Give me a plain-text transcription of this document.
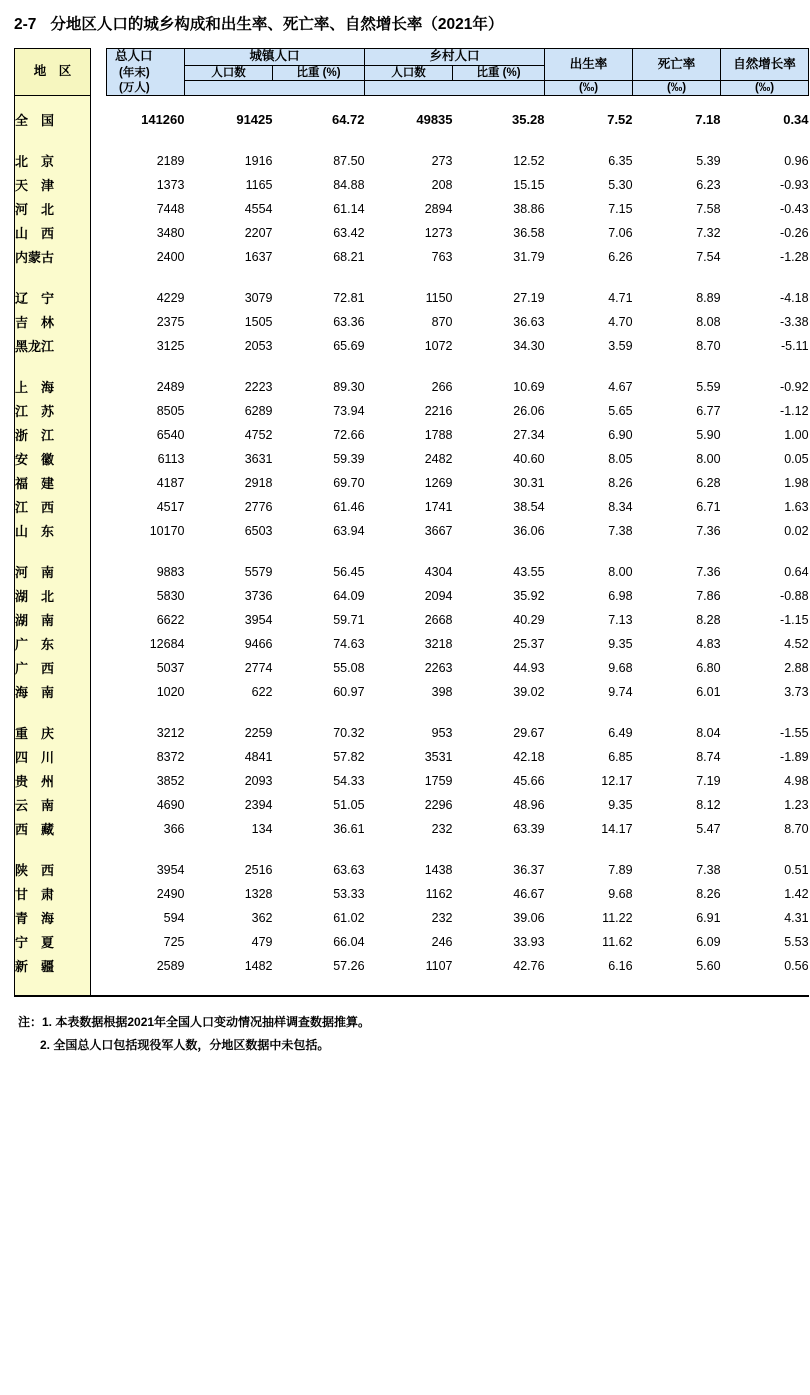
2-7 分地区人口的城乡构成和出生率、死亡率、自然增长率（2021年）
地　区		总人口	城镇人口		乡村人口		出生率	死亡率	自然增长率
		(年末)	人口数	比重 (%)	人口数	比重 (%)			
		(万人)					(‰)	(‰)	(‰)

全　国		141260	91425	64.72	49835	35.28	7.52	7.18	0.34

北　京		2189	1916	87.50	273	12.52	6.35	5.39	0.96
天　津		1373	1165	84.88	208	15.15	5.30	6.23	-0.93
河　北		7448	4554	61.14	2894	38.86	7.15	7.58	-0.43
山　西		3480	2207	63.42	1273	36.58	7.06	7.32	-0.26
内蒙古		2400	1637	68.21	763	31.79	6.26	7.54	-1.28

辽　宁		4229	3079	72.81	1150	27.19	4.71	8.89	-4.18
吉　林		2375	1505	63.36	870	36.63	4.70	8.08	-3.38
黑龙江		3125	2053	65.69	1072	34.30	3.59	8.70	-5.11

上　海		2489	2223	89.30	266	10.69	4.67	5.59	-0.92
江　苏		8505	6289	73.94	2216	26.06	5.65	6.77	-1.12
浙　江		6540	4752	72.66	1788	27.34	6.90	5.90	1.00
安　徽		6113	3631	59.39	2482	40.60	8.05	8.00	0.05
福　建		4187	2918	69.70	1269	30.31	8.26	6.28	1.98
江　西		4517	2776	61.46	1741	38.54	8.34	6.71	1.63
山　东		10170	6503	63.94	3667	36.06	7.38	7.36	0.02

河　南		9883	5579	56.45	4304	43.55	8.00	7.36	0.64
湖　北		5830	3736	64.09	2094	35.92	6.98	7.86	-0.88
湖　南		6622	3954	59.71	2668	40.29	7.13	8.28	-1.15
广　东		12684	9466	74.63	3218	25.37	9.35	4.83	4.52
广　西		5037	2774	55.08	2263	44.93	9.68	6.80	2.88
海　南		1020	622	60.97	398	39.02	9.74	6.01	3.73

重　庆		3212	2259	70.32	953	29.67	6.49	8.04	-1.55
四　川		8372	4841	57.82	3531	42.18	6.85	8.74	-1.89
贵　州		3852	2093	54.33	1759	45.66	12.17	7.19	4.98
云　南		4690	2394	51.05	2296	48.96	9.35	8.12	1.23
西　藏		366	134	36.61	232	63.39	14.17	5.47	8.70

陕　西		3954	2516	63.63	1438	36.37	7.89	7.38	0.51
甘　肃		2490	1328	53.33	1162	46.67	9.68	8.26	1.42
青　海		594	362	61.02	232	39.06	11.22	6.91	4.31
宁　夏		725	479	66.04	246	33.93	11.62	6.09	5.53
新　疆		2589	1482	57.26	1107	42.76	6.16	5.60	0.56

注：1. 本表数据根据2021年全国人口变动情况抽样调查数据推算。
2. 全国总人口包括现役军人数，分地区数据中未包括。
